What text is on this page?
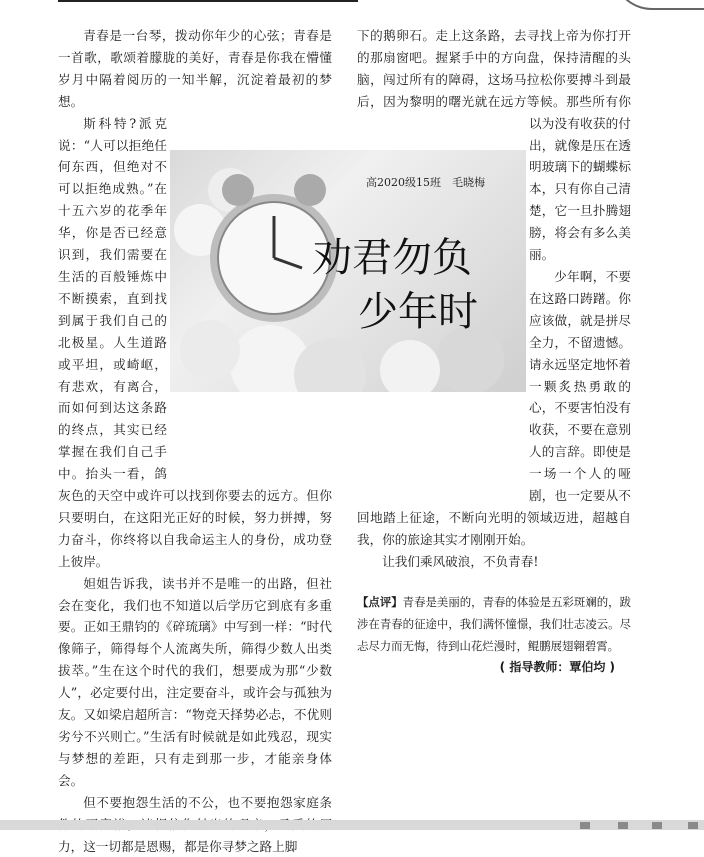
青春是一台琴，拨动你年少的心弦；青春是一首歌，歌颂着朦胧的美好，青春是你我在懵懂岁月中隔着阅历的一知半解，沉淀着最初的梦想。

斯科特?派克说：“人可以拒绝任何东西，但绝对不可以拒绝成熟。”在十五六岁的花季年华，你是否已经意识到，我们需要在生活的百般锤炼中不断摸索，直到找到属于我们自己的北极星。人生道路或平坦，或崎岖，有悲欢，有离合，而如何到达这条路的终点，其实已经掌握在我们自己手中。抬头一看，鸽灰色的天空中或许可以找到你要去的远方。但你只要明白，在这阳光正好的时候，努力拼搏，努力奋斗，你终将以自我命运主人的身份，成功登上彼岸。

妲姐告诉我，读书并不是唯一的出路，但社会在变化，我们也不知道以后学历它到底有多重要。正如王鼎钧的《碎琉璃》中写到一样：“时代像筛子，筛得每个人流离失所，筛得少数人出类拔萃。”生在这个时代的我们，想要成为那“少数人”，必定要付出，注定要奋斗，或许会与孤独为友。又如梁启超所言：“物竞天择势必忐，不优则劣兮不兴则亡。”生活有时候就是如此残忍，现实与梦想的差距，只有走到那一步，才能亲身体会。

但不要抱怨生活的不公，也不要抱怨家庭条 力，这一切都是恩赐，都是你寻梦之路上脚

下的鹅卵石。走上这条路，去寻找上帝为你打开的那扇窗吧。握紧手中的方向盘，保持清醒的头脑，闯过所有的障碍，这场马拉松你要搏斗到最后，因为黎明的曙光就在远方等候。那些所有你以为没有收获的付出，就像是压在透明玻璃下的蝴蝶标本，只有你自己清楚，它一旦扑腾翅膀，将会有多么美丽。

少年啊，不要在这路口踌躇。你应该做，就是拼尽全力，不留遗憾。请永远坚定地怀着一颗炙热勇敢的心，不要害怕没有收获，不要在意别人的言辞。即使是一场一个人的哑剧，也一定要从不回地踏上征途，不断向光明的领域迈进，超越自我，你的旅途其实才刚刚开始。

让我们乘风破浪，不负青春!

【点评】青春是美丽的，青春的体验是五彩斑斓的，跋涉在青春的征途中，我们满怀憧憬，我们壮志凌云。尽忐尽力而无悔，待到山花烂漫时，鲲鹏展翅翱碧霄。
( 指导教师：覃伯均 )
高2020级15班　毛晓梅
劝君勿负
少年时
